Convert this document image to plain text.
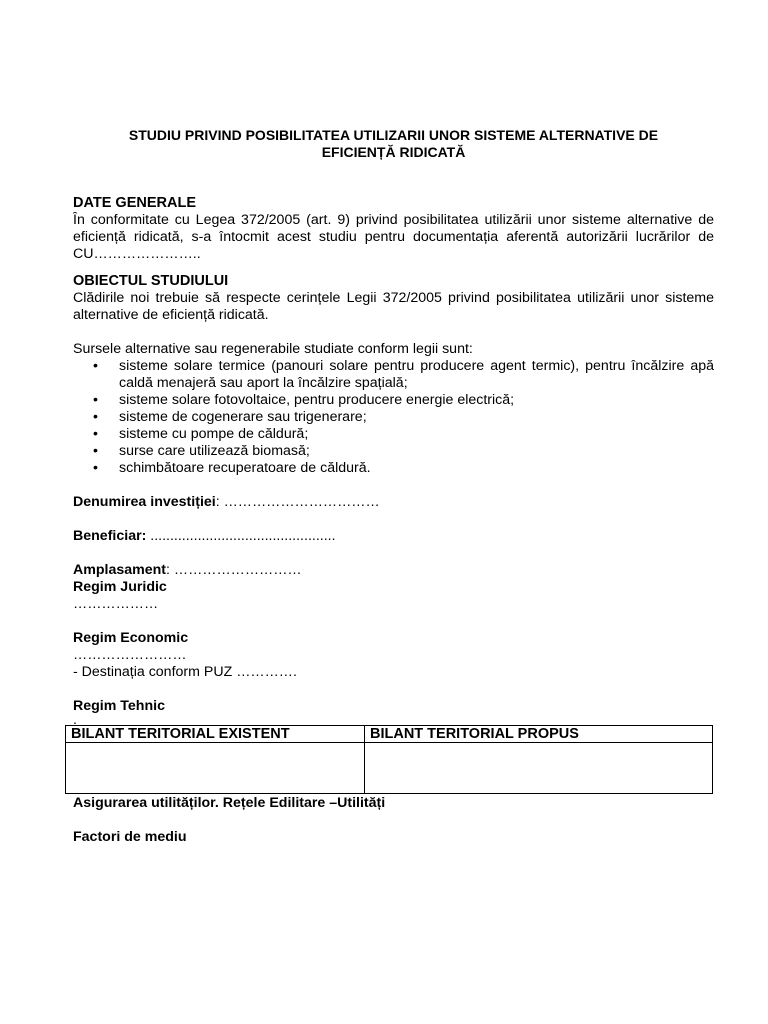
STUDIU PRIVIND POSIBILITATEA UTILIZARII UNOR SISTEME ALTERNATIVE DE

EFICIENȚĂ RIDICATĂ

DATE GENERALE

În conformitate cu Legea 372/2005 (art. 9) privind posibilitatea utilizării unor sisteme alternative de eficiență ridicată, s-a întocmit acest studiu pentru documentația aferentă autorizării lucrărilor de

CU…………………..

OBIECTUL STUDIULUI

Clădirile noi trebuie să respecte cerințele Legii 372/2005 privind posibilitatea utilizării unor sisteme alternative de eficiență ridicată.

Sursele alternative sau regenerabile studiate conform legii sunt:

• sisteme solare termice (panouri solare pentru producere agent termic), pentru încălzire apă caldă menajeră sau aport la încălzire spațială;
• sisteme solare fotovoltaice, pentru producere energie electrică;
• sisteme de cogenerare sau trigenerare;
• sisteme cu pompe de căldură;
• surse care utilizează biomasă;
• schimbătoare recuperatoare de căldură.

Denumirea investiției: ……………………………

Beneficiar: ...............................................

Amplasament: ………………………

Regim Juridic

………………

Regim Economic

……………………

- Destinația conform PUZ ………….

Regim Tehnic

.

BILANT TERITORIAL EXISTENT	BILANT TERITORIAL PROPUS

Asigurarea utilităților. Rețele Edilitare –Utilități

Factori de mediu
